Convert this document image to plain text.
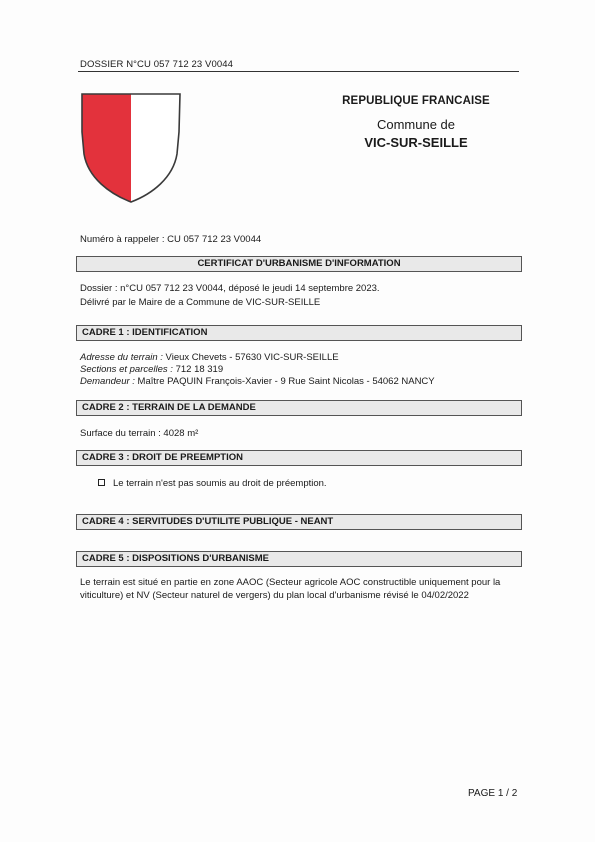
DOSSIER N°CU 057 712 23 V0044
REPUBLIQUE FRANCAISE
Commune de
VIC-SUR-SEILLE
Numéro à rappeler : CU 057 712 23 V0044
CERTIFICAT D'URBANISME D'INFORMATION
Dossier : n°CU 057 712 23 V0044, déposé le jeudi 14 septembre 2023.
Délivré par le Maire de a Commune de VIC-SUR-SEILLE
CADRE 1 : IDENTIFICATION
Adresse du terrain : Vieux Chevets - 57630 VIC-SUR-SEILLE
Sections et parcelles : 712 18 319
Demandeur : Maître PAQUIN François-Xavier - 9 Rue Saint Nicolas - 54062 NANCY
CADRE 2 : TERRAIN DE LA DEMANDE
Surface du terrain : 4028 m²
CADRE 3 : DROIT DE PREEMPTION
Le terrain n'est pas soumis au droit de préemption.
CADRE 4 : SERVITUDES D'UTILITE PUBLIQUE - NEANT
CADRE 5 : DISPOSITIONS D'URBANISME
Le terrain est situé en partie en zone AAOC (Secteur agricole AOC constructible uniquement pour la viticulture) et NV (Secteur naturel de vergers) du plan local d'urbanisme révisé le 04/02/2022
PAGE 1 / 2
